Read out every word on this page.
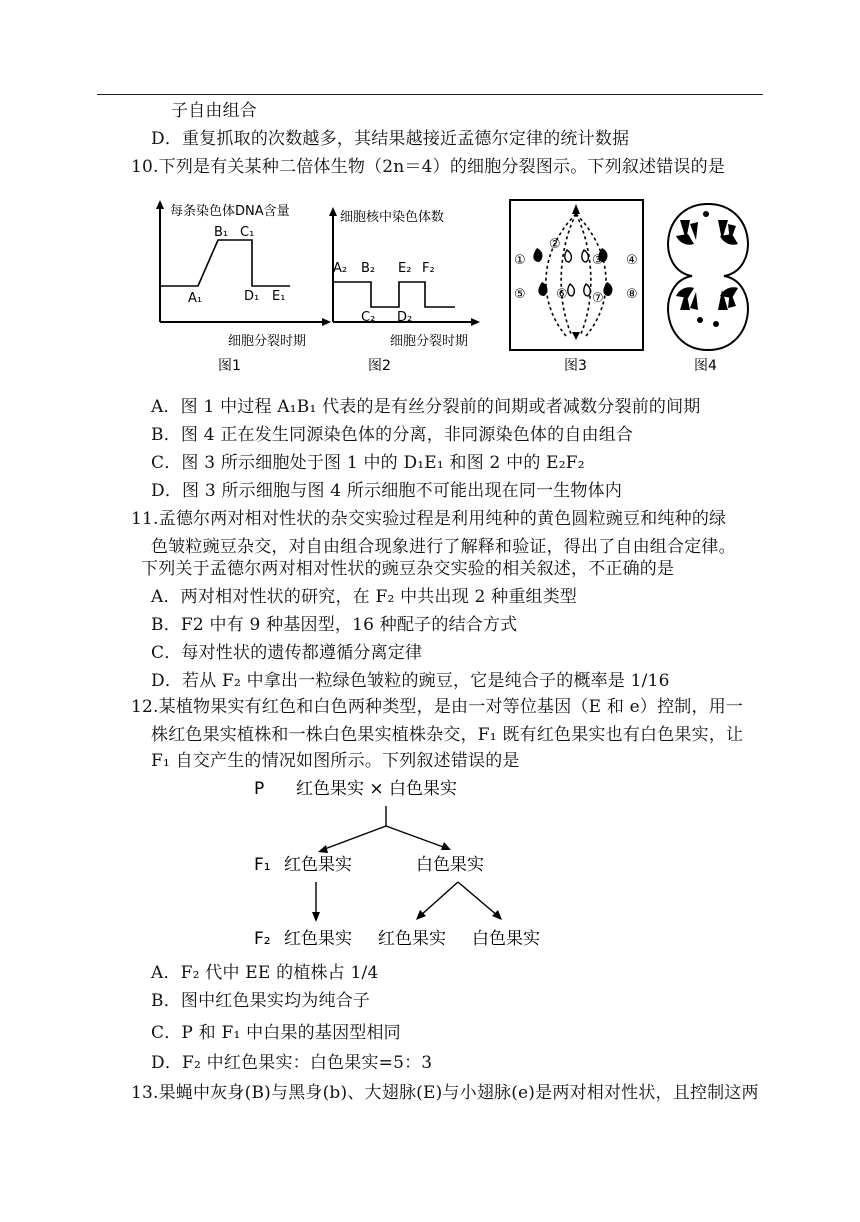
子自由组合
D．重复抓取的次数越多，其结果越接近孟德尔定律的统计数据
10.下列是有关某种二倍体生物（2n＝4）的细胞分裂图示。下列叙述错误的是
每条染色体DNA含量
A₁
B₁ C₁
D₁ E₁
细胞分裂时期
图1
细胞核中染色体数
A₂ B₂
C₂ D₂
E₂ F₂
细胞分裂时期
图2
①
②
③ ④
⑤ ⑥ ⑦ ⑧
图3	图4
A．图 1 中过程 A₁B₁ 代表的是有丝分裂前的间期或者减数分裂前的间期
B．图 4 正在发生同源染色体的分离，非同源染色体的自由组合
C．图 3 所示细胞处于图 1 中的 D₁E₁ 和图 2 中的 E₂F₂
D．图 3 所示细胞与图 4 所示细胞不可能出现在同一生物体内
11.孟德尔两对相对性状的杂交实验过程是利用纯种的黄色圆粒豌豆和纯种的绿
色皱粒豌豆杂交，对自由组合现象进行了解释和验证，得出了自由组合定律。
下列关于孟德尔两对相对性状的豌豆杂交实验的相关叙述，不正确的是
A．两对相对性状的研究，在 F₂ 中共出现 2 种重组类型
B．F2 中有 9 种基因型，16 种配子的结合方式
C．每对性状的遗传都遵循分离定律
D．若从 F₂ 中拿出一粒绿色皱粒的豌豆，它是纯合子的概率是 1/16
12.某植物果实有红色和白色两种类型，是由一对等位基因（E 和 e）控制，用一
株红色果实植株和一株白色果实植株杂交，F₁ 既有红色果实也有白色果实，让
F₁ 自交产生的情况如图所示。下列叙述错误的是
P 红色果实 × 白色果实
F₁ 红色果实	白色果实
F₂ 红色果实 红色果实 白色果实
A．F₂ 代中 EE 的植株占 1/4
B．图中红色果实均为纯合子
C．P 和 F₁ 中白果的基因型相同
D．F₂ 中红色果实：白色果实=5：3
13.果蝇中灰身(B)与黑身(b)、大翅脉(E)与小翅脉(e)是两对相对性状，且控制这两
